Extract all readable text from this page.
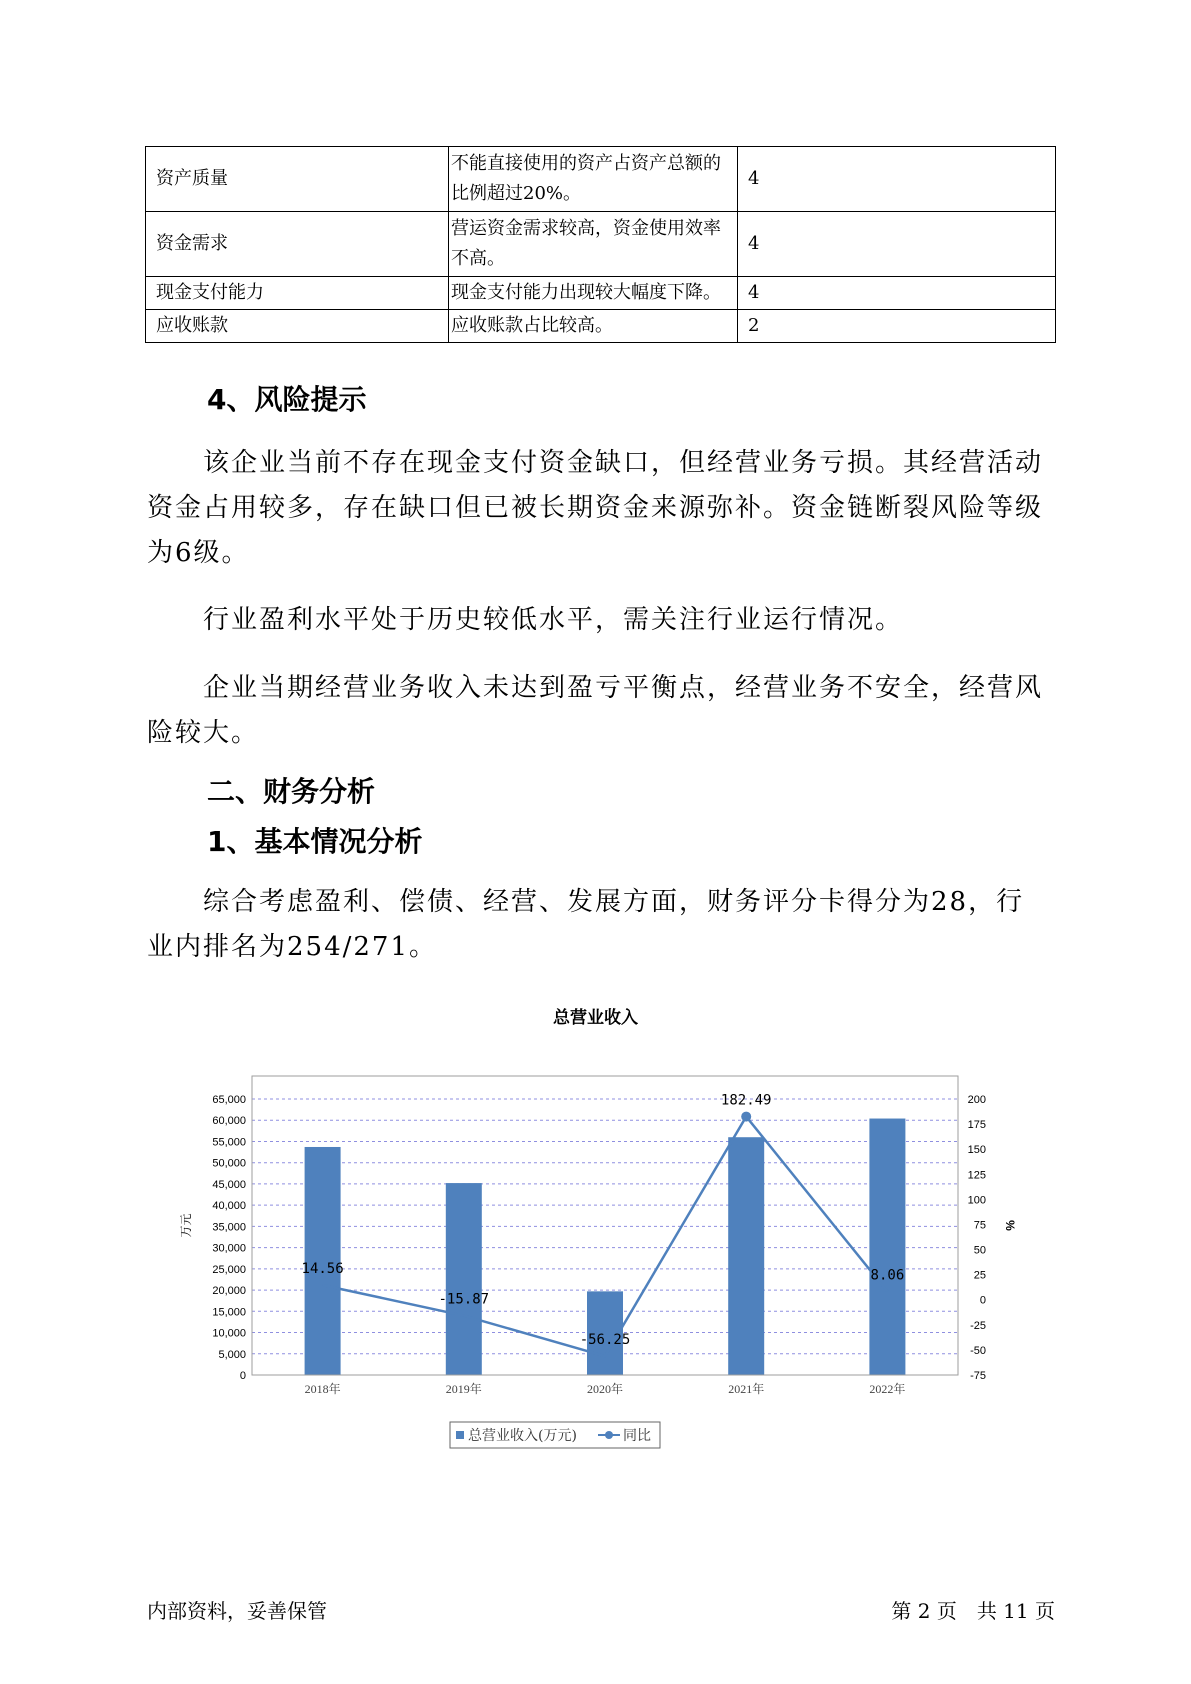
资产质量	不能直接使用的资产占资产总额的比例超过20%。	4
资金需求	营运资金需求较高，资金使用效率不高。	4
现金支付能力	现金支付能力出现较大幅度下降。	4
应收账款	应收账款占比较高。	2
4、风险提示

该企业当前不存在现金支付资金缺口，但经营业务亏损。其经营活动资金占用较多，存在缺口但已被长期资金来源弥补。资金链断裂风险等级为6级。

行业盈利水平处于历史较低水平，需关注行业运行情况。

企业当期经营业务收入未达到盈亏平衡点，经营业务不安全，经营风险较大。

二、财务分析
1、基本情况分析

综合考虑盈利、偿债、经营、发展方面，财务评分卡得分为28，行业内排名为254/271。

总营业收入
14.56
-15.87
-56.25
182.49
8.06
0
5,000
10,000
15,000
20,000
25,000
30,000
35,000
40,000
45,000
50,000
55,000
60,000
65,000
-75
-50
-25
0
25
50
75
100
125
150
175
200
万元	%
2018年	2019年	2020年	2021年	2022年
总营业收入(万元)	同比
内部资料，妥善保管	第 2 页　共 11 页
